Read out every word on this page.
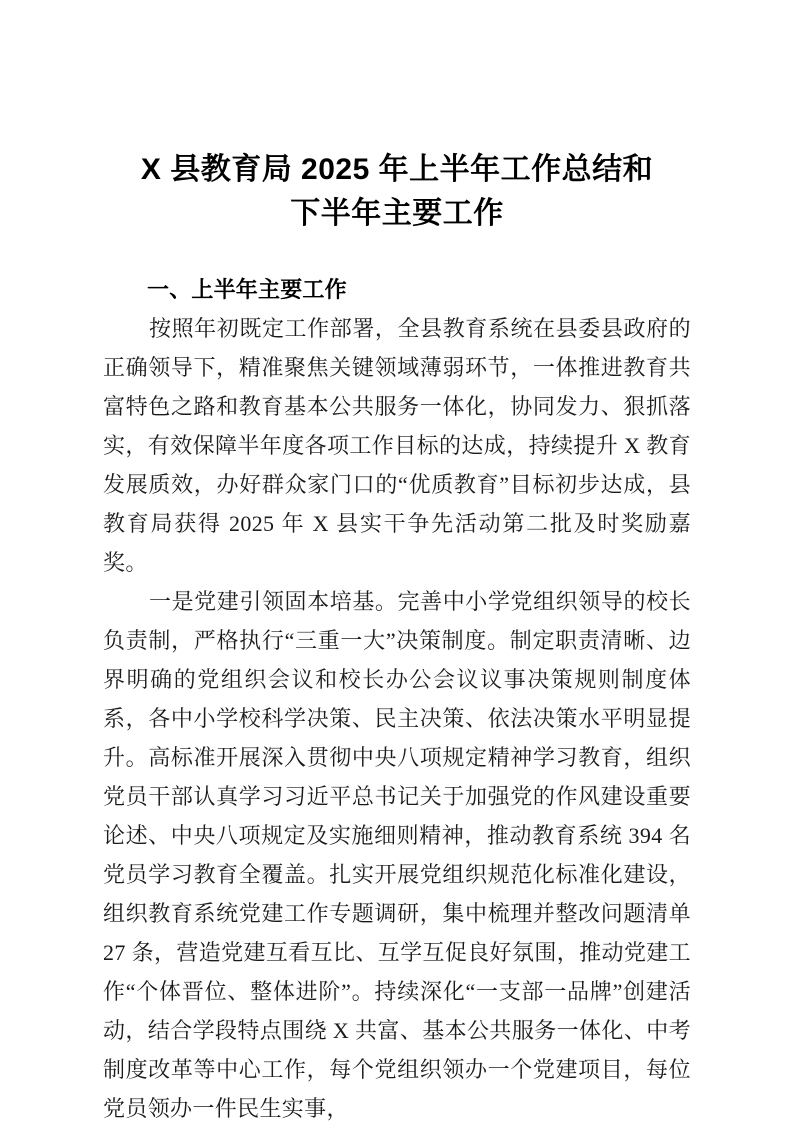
X 县教育局 2025 年上半年工作总结和
下半年主要工作
一、上半年主要工作

按照年初既定工作部署，全县教育系统在县委县政府的正确领导下，精准聚焦关键领域薄弱环节，一体推进教育共富特色之路和教育基本公共服务一体化，协同发力、狠抓落实，有效保障半年度各项工作目标的达成，持续提升 X 教育发展质效，办好群众家门口的“优质教育”目标初步达成，县教育局获得 2025 年 X 县实干争先活动第二批及时奖励嘉奖。

一是党建引领固本培基。完善中小学党组织领导的校长负责制，严格执行“三重一大”决策制度。制定职责清晰、边界明确的党组织会议和校长办公会议议事决策规则制度体系，各中小学校科学决策、民主决策、依法决策水平明显提升。高标准开展深入贯彻中央八项规定精神学习教育，组织党员干部认真学习习近平总书记关于加强党的作风建设重要论述、中央八项规定及实施细则精神，推动教育系统 394 名党员学习教育全覆盖。扎实开展党组织规范化标准化建设，组织教育系统党建工作专题调研，集中梳理并整改问题清单 27 条，营造党建互看互比、互学互促良好氛围，推动党建工作“个体晋位、整体进阶”。持续深化“一支部一品牌”创建活动，结合学段特点围绕 X 共富、基本公共服务一体化、中考制度改革等中心工作，每个党组织领办一个党建项目，每位党员领办一件民生实事，
